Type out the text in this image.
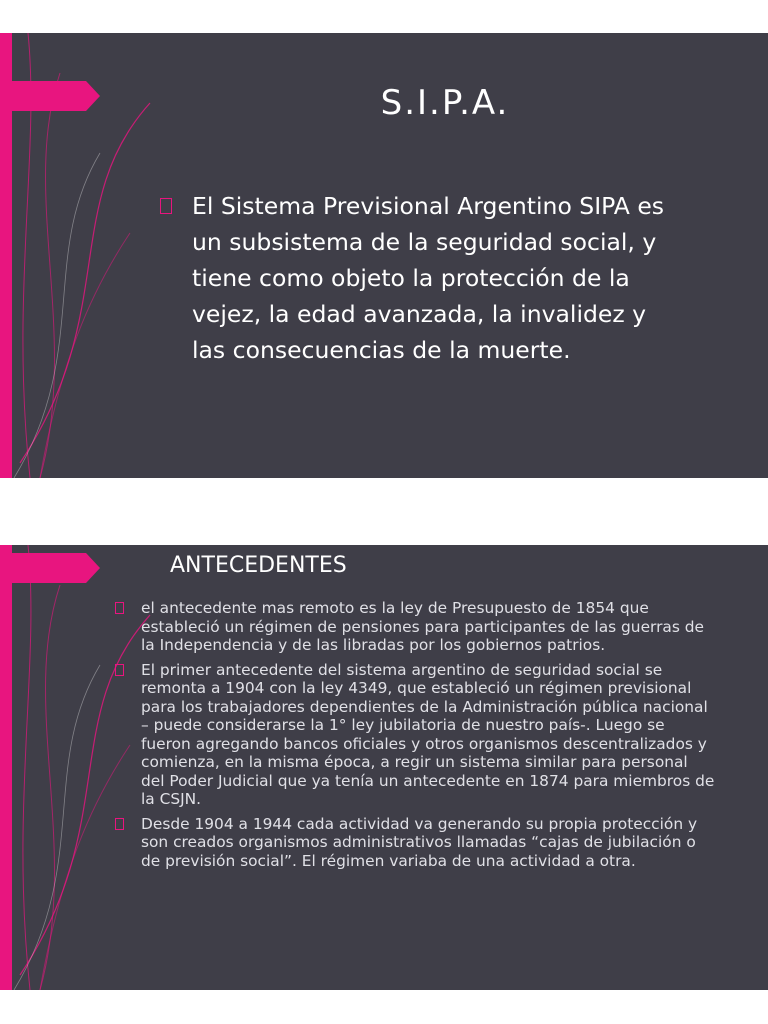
S.I.P.A.
El Sistema Previsional Argentino SIPA es un subsistema de la seguridad social, y tiene como objeto la protección de la vejez, la edad avanzada, la invalidez y las consecuencias de la muerte.
ANTECEDENTES
el antecedente mas remoto es la ley de Presupuesto de 1854 que estableció un régimen de pensiones para participantes de las guerras de la Independencia y de las libradas por los gobiernos patrios.
El primer antecedente del sistema argentino de seguridad social se remonta a 1904 con la ley 4349, que estableció un régimen previsional para los trabajadores dependientes de la Administración pública nacional – puede considerarse la 1° ley jubilatoria de nuestro país-. Luego se fueron agregando bancos oficiales y otros organismos descentralizados y comienza, en la misma época, a regir un sistema similar para personal del Poder Judicial que ya tenía un antecedente en 1874 para miembros de la CSJN.
Desde 1904 a 1944 cada actividad va generando su propia protección y son creados organismos administrativos llamadas “cajas de jubilación o de previsión social”. El régimen variaba de una actividad a otra.
